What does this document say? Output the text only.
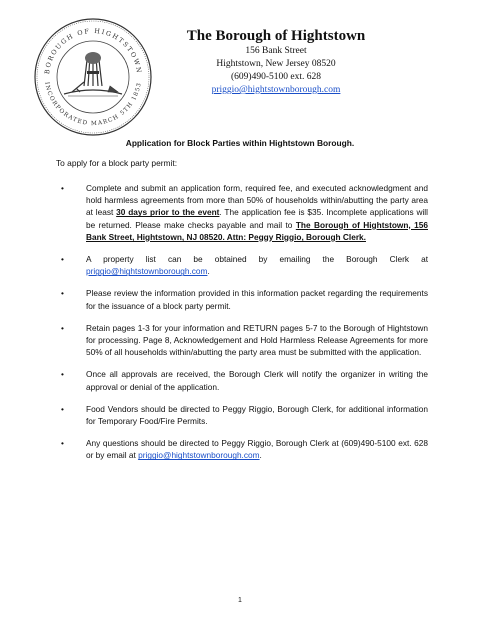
BOROUGH OF HIGHTSTOWN
INCORPORATED MARCH 5TH 1853
The Borough of Hightstown
156 Bank Street
Hightstown, New Jersey 08520
(609)490-5100 ext. 628
priggio@hightstownborough.com
Application for Block Parties within Hightstown Borough.
To apply for a block party permit:
•	Complete and submit an application form, required fee, and executed acknowledgment and hold harmless agreements from more than 50% of households within/abutting the party area at least 30 days prior to the event. The application fee is $35. Incomplete applications will be returned. Please make checks payable and mail to The Borough of Hightstown, 156 Bank Street, Hightstown, NJ 08520. Attn: Peggy Riggio, Borough Clerk.
•	A property list can be obtained by emailing the Borough Clerk at priggio@hightstownborough.com.
•	Please review the information provided in this information packet regarding the requirements for the issuance of a block party permit.
•	Retain pages 1-3 for your information and RETURN pages 5-7 to the Borough of Hightstown for processing. Page 8, Acknowledgement and Hold Harmless Release Agreements for more 50% of all households within/abutting the party area must be submitted with the application.
•	Once all approvals are received, the Borough Clerk will notify the organizer in writing the approval or denial of the application.
•	Food Vendors should be directed to Peggy Riggio, Borough Clerk, for additional information for Temporary Food/Fire Permits.
•	Any questions should be directed to Peggy Riggio, Borough Clerk at (609)490-5100 ext. 628 or by email at priggio@hightstownborough.com.
1
